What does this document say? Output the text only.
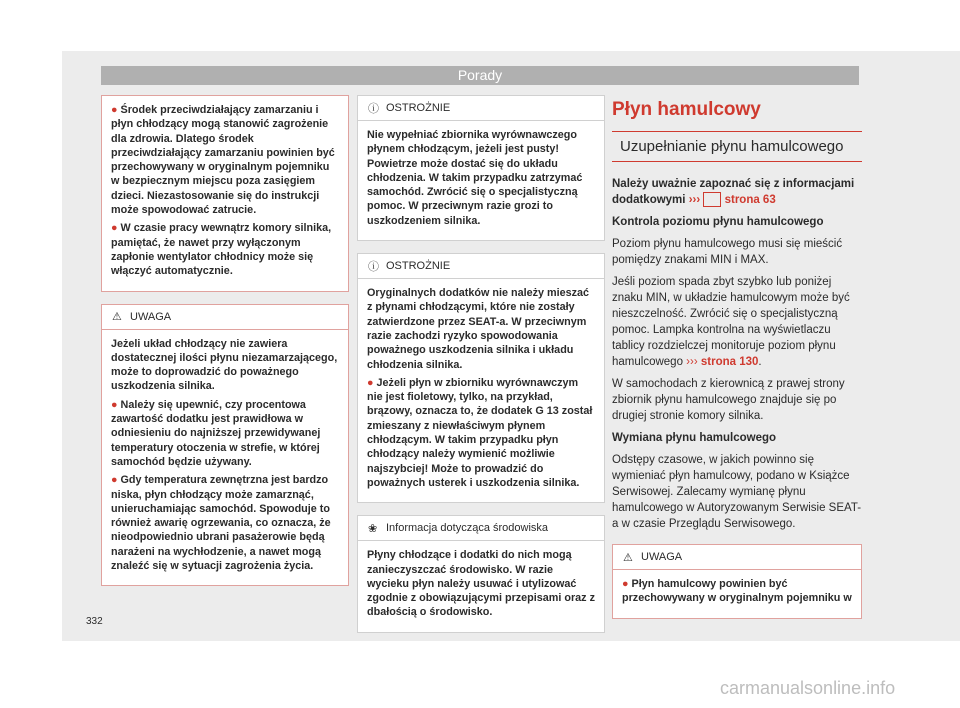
Porady

● Środek przeciwdziałający zamarzaniu i płyn chłodzący mogą stanowić zagrożenie dla zdrowia. Dlatego środek przeciwdziałający zamarzaniu powinien być przechowywany w oryginalnym pojemniku w bezpiecznym miejscu poza zasięgiem dzieci. Niezastosowanie się do instrukcji może spowodować zatrucie.

● W czasie pracy wewnątrz komory silnika, pamiętać, że nawet przy wyłączonym zapłonie wentylator chłodnicy może się włączyć automatycznie.

⚠ UWAGA

Jeżeli układ chłodzący nie zawiera dostatecznej ilości płynu niezamarzającego, może to doprowadzić do poważnego uszkodzenia silnika.

● Należy się upewnić, czy procentowa zawartość dodatku jest prawidłowa w odniesieniu do najniższej przewidywanej temperatury otoczenia w strefie, w której samochód będzie używany.

● Gdy temperatura zewnętrzna jest bardzo niska, płyn chłodzący może zamarznąć, unieruchamiając samochód. Spowoduje to również awarię ogrzewania, co oznacza, że nieodpowiednio ubrani pasażerowie będą narażeni na wychłodzenie, a nawet mogą znaleźć się w sytuacji zagrożenia życia.

ⓘ OSTROŻNIE

Nie wypełniać zbiornika wyrównawczego płynem chłodzącym, jeżeli jest pusty! Powietrze może dostać się do układu chłodzenia. W takim przypadku zatrzymać samochód. Zwrócić się o specjalistyczną pomoc. W przeciwnym razie grozi to uszkodzeniem silnika.

ⓘ OSTROŻNIE

Oryginalnych dodatków nie należy mieszać z płynami chłodzącymi, które nie zostały zatwierdzone przez SEAT-a. W przeciwnym razie zachodzi ryzyko spowodowania poważnego uszkodzenia silnika i układu chłodzenia silnika.

● Jeżeli płyn w zbiorniku wyrównawczym nie jest fioletowy, tylko, na przykład, brązowy, oznacza to, że dodatek G 13 został zmieszany z niewłaściwym płynem chłodzącym. W takim przypadku płyn chłodzący należy wymienić możliwie najszybciej! Może to prowadzić do poważnych usterek i uszkodzenia silnika.

❀ Informacja dotycząca środowiska

Płyny chłodzące i dodatki do nich mogą zanieczyszczać środowisko. W razie wycieku płyn należy usuwać i utylizować zgodnie z obowiązującymi przepisami oraz z dbałością o środowisko.

Płyn hamulcowy
Uzupełnianie płynu hamulcowego

Należy uważnie zapoznać się z informacjami dodatkowymi ››› strona 63

Kontrola poziomu płynu hamulcowego

Poziom płynu hamulcowego musi się mieścić pomiędzy znakami MIN i MAX.

Jeśli poziom spada zbyt szybko lub poniżej znaku MIN, w układzie hamulcowym może być nieszczelność. Zwrócić się o specjalistyczną pomoc. Lampka kontrolna na wyświetlaczu tablicy rozdzielczej monitoruje poziom płynu hamulcowego ››› strona 130.

W samochodach z kierownicą z prawej strony zbiornik płynu hamulcowego znajduje się po drugiej stronie komory silnika.

Wymiana płynu hamulcowego

Odstępy czasowe, w jakich powinno się wymieniać płyn hamulcowy, podano w Książce Serwisowej. Zalecamy wymianę płynu hamulcowego w Autoryzowanym Serwisie SEAT-a w czasie Przeglądu Serwisowego.

⚠ UWAGA

● Płyn hamulcowy powinien być przechowywany w oryginalnym pojemniku w

332
carmanualsonline.info
